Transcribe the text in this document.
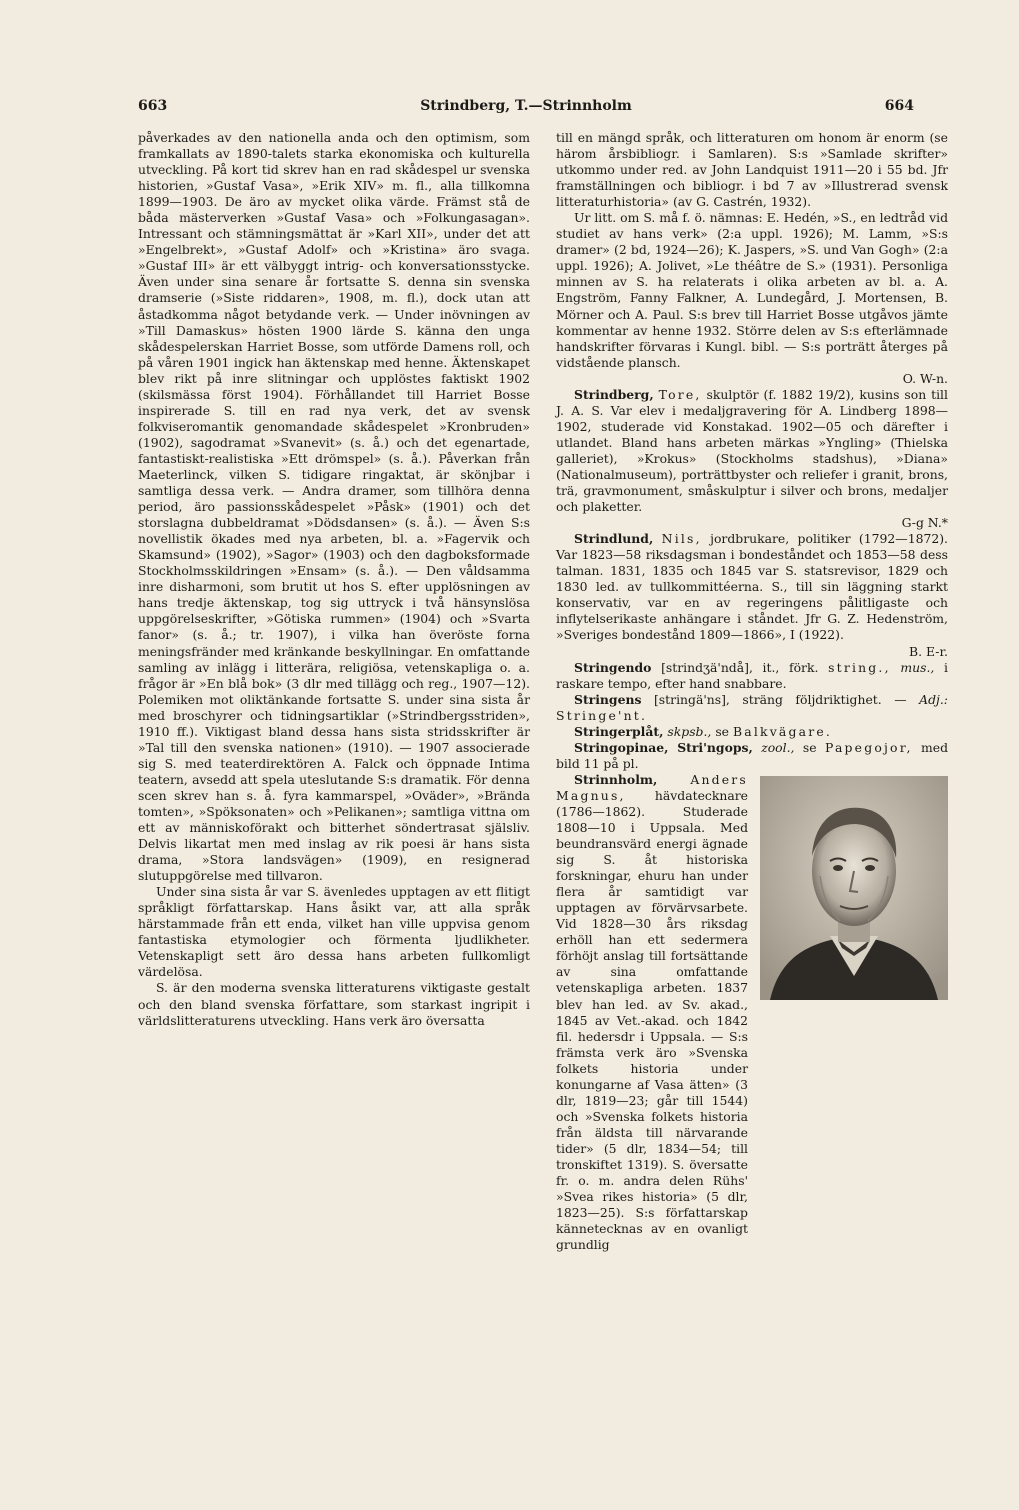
663	Strindberg, T.—Strinnholm	664

påverkades av den nationella anda och den optimism, som framkallats av 1890-talets starka ekonomiska och kulturella utveckling. På kort tid skrev han en rad skådespel ur svenska historien, »Gustaf Vasa», »Erik XIV» m. fl., alla tillkomna 1899—1903. De äro av mycket olika värde. Främst stå de båda mästerverken »Gustaf Vasa» och »Folkungasagan». Intressant och stämningsmättat är »Karl XII», under det att »Engelbrekt», »Gustaf Adolf» och »Kristina» äro svaga. »Gustaf III» är ett välbyggt intrig- och konversationsstycke. Även under sina senare år fortsatte S. denna sin svenska dramserie (»Siste riddaren», 1908, m. fl.), dock utan att åstadkomma något betydande verk. — Under inövningen av »Till Damaskus» hösten 1900 lärde S. känna den unga skådespelerskan Harriet Bosse, som utförde Damens roll, och på våren 1901 ingick han äktenskap med henne. Äktenskapet blev rikt på inre slitningar och upplöstes faktiskt 1902 (skilsmässa först 1904). Förhållandet till Harriet Bosse inspirerade S. till en rad nya verk, det av svensk folkviseromantik genomandade skådespelet »Kronbruden» (1902), sagodramat »Svanevit» (s. å.) och det egenartade, fantastiskt-realistiska »Ett drömspel» (s. å.). Påverkan från Maeterlinck, vilken S. tidigare ringaktat, är skönjbar i samtliga dessa verk. — Andra dramer, som tillhöra denna period, äro passionsskådespelet »Påsk» (1901) och det storslagna dubbeldramat »Dödsdansen» (s. å.). — Även S:s novellistik ökades med nya arbeten, bl. a. »Fagervik och Skamsund» (1902), »Sagor» (1903) och den dagboksformade Stockholmsskildringen »Ensam» (s. å.). — Den våldsamma inre disharmoni, som brutit ut hos S. efter upplösningen av hans tredje äktenskap, tog sig uttryck i två hänsynslösa uppgörelseskrifter, »Götiska rummen» (1904) och »Svarta fanor» (s. å.; tr. 1907), i vilka han överöste forna meningsfränder med kränkande beskyllningar. En omfattande samling av inlägg i litterära, religiösa, vetenskapliga o. a. frågor är »En blå bok» (3 dlr med tillägg och reg., 1907—12). Polemiken mot oliktänkande fortsatte S. under sina sista år med broschyrer och tidningsartiklar (»Strindbergsstriden», 1910 ff.). Viktigast bland dessa hans sista stridsskrifter är »Tal till den svenska nationen» (1910). — 1907 associerade sig S. med teaterdirektören A. Falck och öppnade Intima teatern, avsedd att spela uteslutande S:s dramatik. För denna scen skrev han s. å. fyra kammarspel, »Oväder», »Brända tomten», »Spöksonaten» och »Pelikanen»; samtliga vittna om ett av människoförakt och bitterhet söndertrasat själsliv. Delvis likartat men med inslag av rik poesi är hans sista drama, »Stora landsvägen» (1909), en resignerad slutuppgörelse med tillvaron.

Under sina sista år var S. ävenledes upptagen av ett flitigt språkligt författarskap. Hans åsikt var, att alla språk härstammade från ett enda, vilket han ville uppvisa genom fantastiska etymologier och förmenta ljudlikheter. Vetenskapligt sett äro dessa hans arbeten fullkomligt värdelösa.

S. är den moderna svenska litteraturens viktigaste gestalt och den bland svenska författare, som starkast ingripit i världslitteraturens utveckling. Hans verk äro översatta

till en mängd språk, och litteraturen om honom är enorm (se härom årsbibliogr. i Samlaren). S:s »Samlade skrifter» utkommo under red. av John Landquist 1911—20 i 55 bd. Jfr framställningen och bibliogr. i bd 7 av »Illustrerad svensk litteraturhistoria» (av G. Castrén, 1932).

Ur litt. om S. må f. ö. nämnas: E. Hedén, »S., en ledtråd vid studiet av hans verk» (2:a uppl. 1926); M. Lamm, »S:s dramer» (2 bd, 1924—26); K. Jaspers, »S. und Van Gogh» (2:a uppl. 1926); A. Jolivet, »Le théâtre de S.» (1931). Personliga minnen av S. ha relaterats i olika arbeten av bl. a. A. Engström, Fanny Falkner, A. Lundegård, J. Mortensen, B. Mörner och A. Paul. S:s brev till Harriet Bosse utgåvos jämte kommentar av henne 1932. Större delen av S:s efterlämnade handskrifter förvaras i Kungl. bibl. — S:s porträtt återges på vidstående plansch.

O. W-n.

Strindberg, Tore, skulptör (f. 1882 19/2), kusins son till J. A. S. Var elev i medaljgravering för A. Lindberg 1898—1902, studerade vid Konstakad. 1902—05 och därefter i utlandet. Bland hans arbeten märkas »Yngling» (Thielska galleriet), »Krokus» (Stockholms stadshus), »Diana» (Nationalmuseum), porträttbyster och reliefer i granit, brons, trä, gravmonument, småskulptur i silver och brons, medaljer och plaketter.

G-g N.*

Strindlund, Nils, jordbrukare, politiker (1792—1872). Var 1823—58 riksdagsman i bondeståndet och 1853—58 dess talman. 1831, 1835 och 1845 var S. statsrevisor, 1829 och 1830 led. av tullkommittéerna. S., till sin läggning starkt konservativ, var en av regeringens pålitligaste och inflytelserikaste anhängare i ståndet. Jfr G. Z. Hedenström, »Sveriges bondestånd 1809—1866», I (1922).

B. E-r.

Stringendo [strindʒä'ndå], it., förk. string., mus., i raskare tempo, efter hand snabbare.

Stringens [stringä'ns], sträng följdriktighet. — Adj.: Stringe'nt.

Stringerplåt, skpsb., se Balkvägare.

Stringopinae, Stri'ngops, zool., se Papegojor, med bild 11 på pl.

Strinnholm,	Anders Magnus, hävdatecknare (1786—1862). Studerade 1808—10 i Uppsala. Med beundransvärd energi ägnade sig S. åt historiska forskningar, ehuru han under flera år samtidigt var upptagen av förvärvsarbete. Vid 1828—30 års riksdag erhöll han ett sedermera förhöjt anslag till fortsättande av sina omfattande vetenskapliga arbeten. 1837 blev han led. av Sv. akad., 1845 av Vet.-akad. och 1842 fil. hedersdr i Uppsala. — S:s främsta verk äro »Svenska folkets historia under konungarne af Vasa ätten» (3 dlr, 1819—23; går till 1544) och »Svenska folkets historia från äldsta till närvarande tider» (5 dlr, 1834—54; till tronskiftet 1319). S. översatte fr. o. m. andra delen Rühs' »Svea rikes historia» (5 dlr, 1823—25). S:s författarskap kännetecknas av en ovanligt grundlig
